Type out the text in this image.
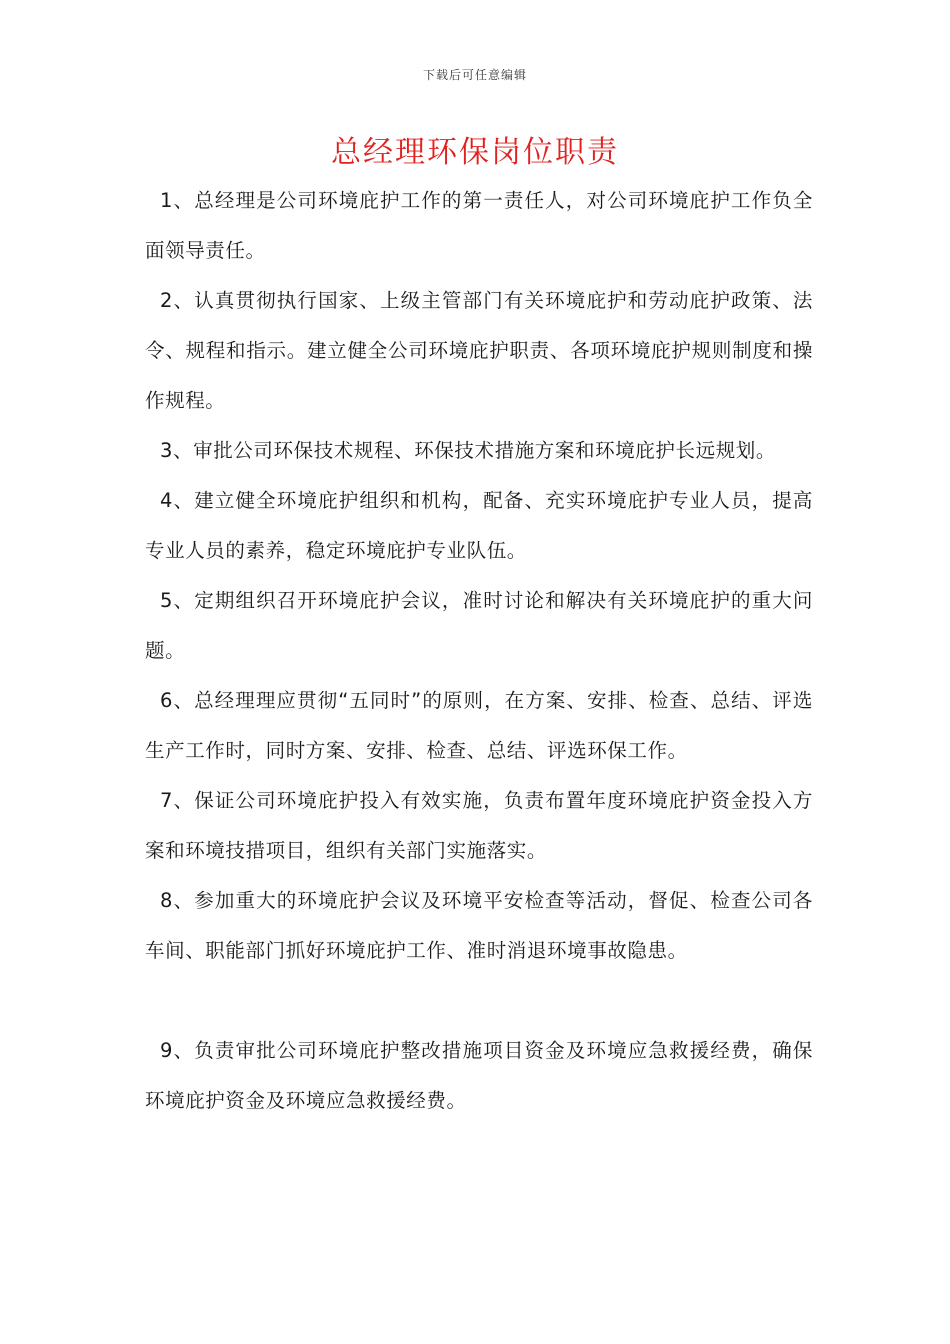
下载后可任意编辑
总经理环保岗位职责

1、总经理是公司环境庇护工作的第一责任人，对公司环境庇护工作负全面领导责任。

2、认真贯彻执行国家、上级主管部门有关环境庇护和劳动庇护政策、法令、规程和指示。建立健全公司环境庇护职责、各项环境庇护规则制度和操作规程。

3、审批公司环保技术规程、环保技术措施方案和环境庇护长远规划。

4、建立健全环境庇护组织和机构，配备、充实环境庇护专业人员，提高专业人员的素养，稳定环境庇护专业队伍。

5、定期组织召开环境庇护会议，准时讨论和解决有关环境庇护的重大问题。

6、总经理理应贯彻“五同时”的原则，在方案、安排、检查、总结、评选生产工作时，同时方案、安排、检查、总结、评选环保工作。

7、保证公司环境庇护投入有效实施，负责布置年度环境庇护资金投入方案和环境技措项目，组织有关部门实施落实。

8、参加重大的环境庇护会议及环境平安检查等活动，督促、检查公司各车间、职能部门抓好环境庇护工作、准时消退环境事故隐患。

9、负责审批公司环境庇护整改措施项目资金及环境应急救援经费，确保环境庇护资金及环境应急救援经费。
